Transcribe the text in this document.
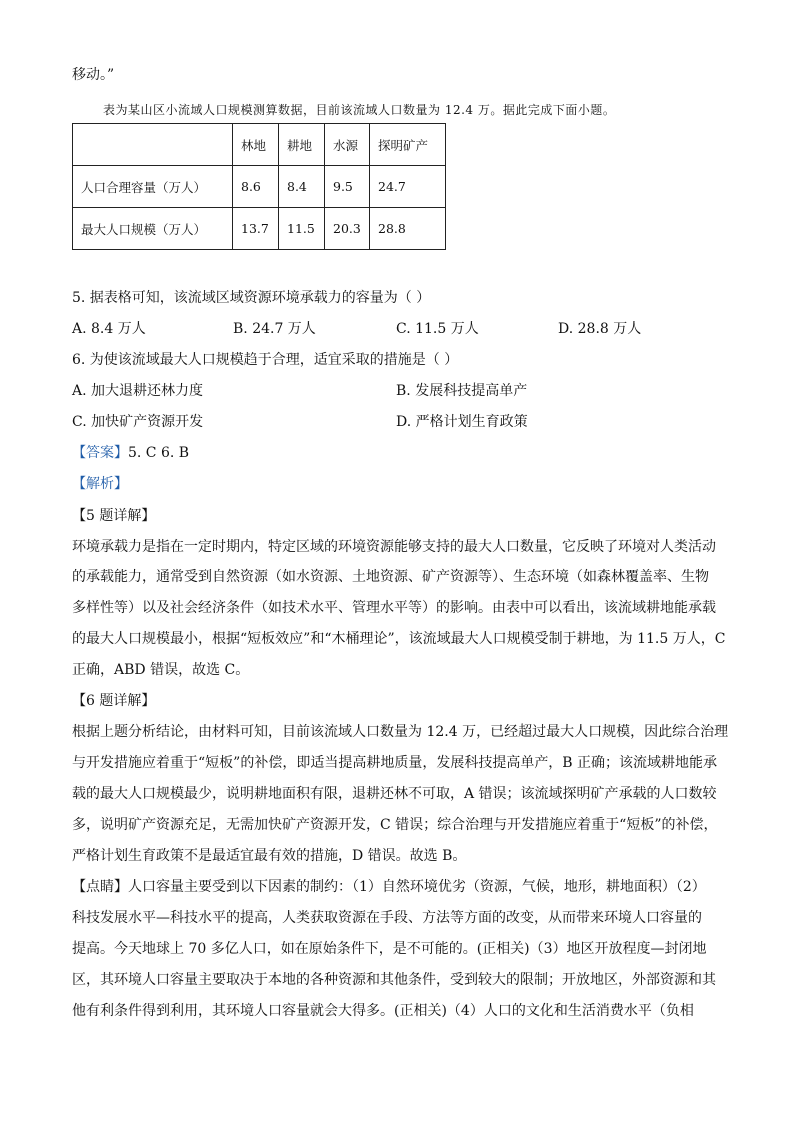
移动。”
表为某山区小流域人口规模测算数据，目前该流域人口数量为 12.4 万。据此完成下面小题。
	林地	耕地	水源	探明矿产
人口合理容量（万人）	8.6	8.4	9.5	24.7
最大人口规模（万人）	13.7	11.5	20.3	28.8
5. 据表格可知，该流域区域资源环境承载力的容量为（ ）
A. 8.4 万人	B. 24.7 万人	C. 11.5 万人	D. 28.8 万人
6. 为使该流域最大人口规模趋于合理，适宜采取的措施是（ ）
A. 加大退耕还林力度	B. 发展科技提高单产
C. 加快矿产资源开发	D. 严格计划生育政策
【答案】5. C 6. B
【解析】
【5 题详解】
环境承载力是指在一定时期内，特定区域的环境资源能够支持的最大人口数量，它反映了环境对人类活动
的承载能力，通常受到自然资源（如水资源、土地资源、矿产资源等）、生态环境（如森林覆盖率、生物
多样性等）以及社会经济条件（如技术水平、管理水平等）的影响。由表中可以看出，该流域耕地能承载
的最大人口规模最小，根据“短板效应”和“木桶理论”，该流域最大人口规模受制于耕地，为 11.5 万人，C
正确，ABD 错误，故选 C。
【6 题详解】
根据上题分析结论，由材料可知，目前该流域人口数量为 12.4 万，已经超过最大人口规模，因此综合治理
与开发措施应着重于“短板”的补偿，即适当提高耕地质量，发展科技提高单产，B 正确；该流域耕地能承
载的最大人口规模最少，说明耕地面积有限，退耕还林不可取，A 错误；该流域探明矿产承载的人口数较
多，说明矿产资源充足，无需加快矿产资源开发，C 错误；综合治理与开发措施应着重于“短板”的补偿，
严格计划生育政策不是最适宜最有效的措施，D 错误。故选 B。
【点睛】人口容量主要受到以下因素的制约：（1）自然环境优劣（资源，气候，地形，耕地面积）（2）
科技发展水平—科技水平的提高，人类获取资源在手段、方法等方面的改变，从而带来环境人口容量的
提高。今天地球上 70 多亿人口，如在原始条件下，是不可能的。(正相关)（3）地区开放程度—封闭地
区，其环境人口容量主要取决于本地的各种资源和其他条件，受到较大的限制；开放地区，外部资源和其
他有利条件得到利用，其环境人口容量就会大得多。(正相关)（4）人口的文化和生活消费水平（负相
